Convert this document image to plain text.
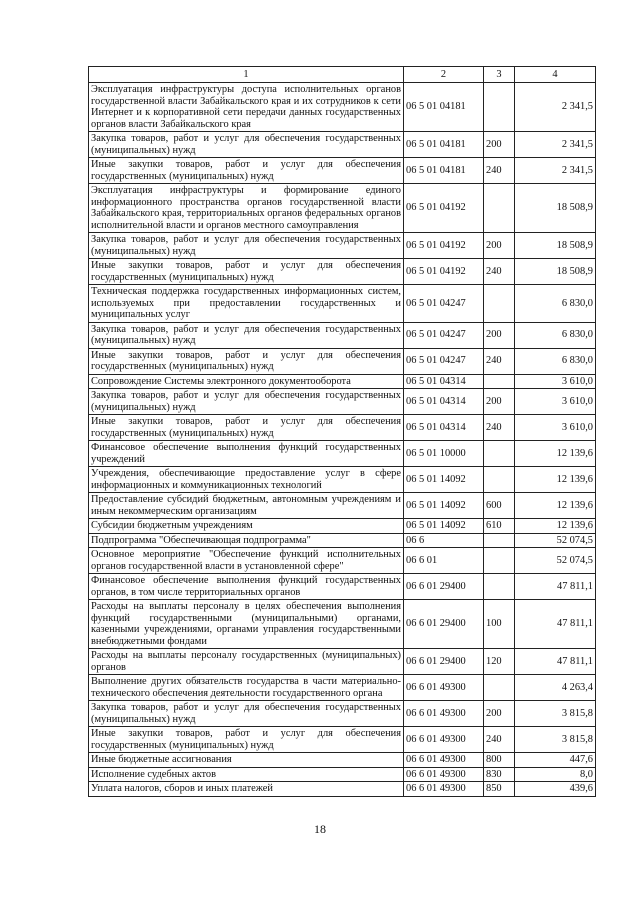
1	2	3	4
Эксплуатация инфраструктуры доступа исполнительных органов государственной власти Забайкальского края и их сотрудников к сети Интернет и к корпоративной сети передачи данных государственных органов власти Забайкальского края	06 5 01 04181		2 341,5
Закупка товаров, работ и услуг для обеспечения государственных (муниципальных) нужд	06 5 01 04181	200	2 341,5
Иные закупки товаров, работ и услуг для обеспечения государственных (муниципальных) нужд	06 5 01 04181	240	2 341,5
Эксплуатация инфраструктуры и формирование единого информационного пространства органов государственной власти Забайкальского края, территориальных органов федеральных органов исполнительной власти и органов местного самоуправления	06 5 01 04192		18 508,9
Закупка товаров, работ и услуг для обеспечения государственных (муниципальных) нужд	06 5 01 04192	200	18 508,9
Иные закупки товаров, работ и услуг для обеспечения государственных (муниципальных) нужд	06 5 01 04192	240	18 508,9
Техническая поддержка государственных информационных систем, используемых при предоставлении государственных и муниципальных услуг	06 5 01 04247		6 830,0
Закупка товаров, работ и услуг для обеспечения государственных (муниципальных) нужд	06 5 01 04247	200	6 830,0
Иные закупки товаров, работ и услуг для обеспечения государственных (муниципальных) нужд	06 5 01 04247	240	6 830,0
Сопровождение Системы электронного документооборота	06 5 01 04314		3 610,0
Закупка товаров, работ и услуг для обеспечения государственных (муниципальных) нужд	06 5 01 04314	200	3 610,0
Иные закупки товаров, работ и услуг для обеспечения государственных (муниципальных) нужд	06 5 01 04314	240	3 610,0
Финансовое обеспечение выполнения функций государственных учреждений	06 5 01 10000		12 139,6
Учреждения, обеспечивающие предоставление услуг в сфере информационных и коммуникационных технологий	06 5 01 14092		12 139,6
Предоставление субсидий бюджетным, автономным учреждениям и иным некоммерческим организациям	06 5 01 14092	600	12 139,6
Субсидии бюджетным учреждениям	06 5 01 14092	610	12 139,6
Подпрограмма "Обеспечивающая подпрограмма"	06 6		52 074,5
Основное мероприятие "Обеспечение функций исполнительных органов государственной власти в установленной сфере"	06 6 01		52 074,5
Финансовое обеспечение выполнения функций государственных органов, в том числе территориальных органов	06 6 01 29400		47 811,1
Расходы на выплаты персоналу в целях обеспечения выполнения функций государственными (муниципальными) органами, казенными учреждениями, органами управления государственными внебюджетными фондами	06 6 01 29400	100	47 811,1
Расходы на выплаты персоналу государственных (муниципальных) органов	06 6 01 29400	120	47 811,1
Выполнение других обязательств государства в части материально-технического обеспечения деятельности государственного органа	06 6 01 49300		4 263,4
Закупка товаров, работ и услуг для обеспечения государственных (муниципальных) нужд	06 6 01 49300	200	3 815,8
Иные закупки товаров, работ и услуг для обеспечения государственных (муниципальных) нужд	06 6 01 49300	240	3 815,8
Иные бюджетные ассигнования	06 6 01 49300	800	447,6
Исполнение судебных актов	06 6 01 49300	830	8,0
Уплата налогов, сборов и иных платежей	06 6 01 49300	850	439,6
18
